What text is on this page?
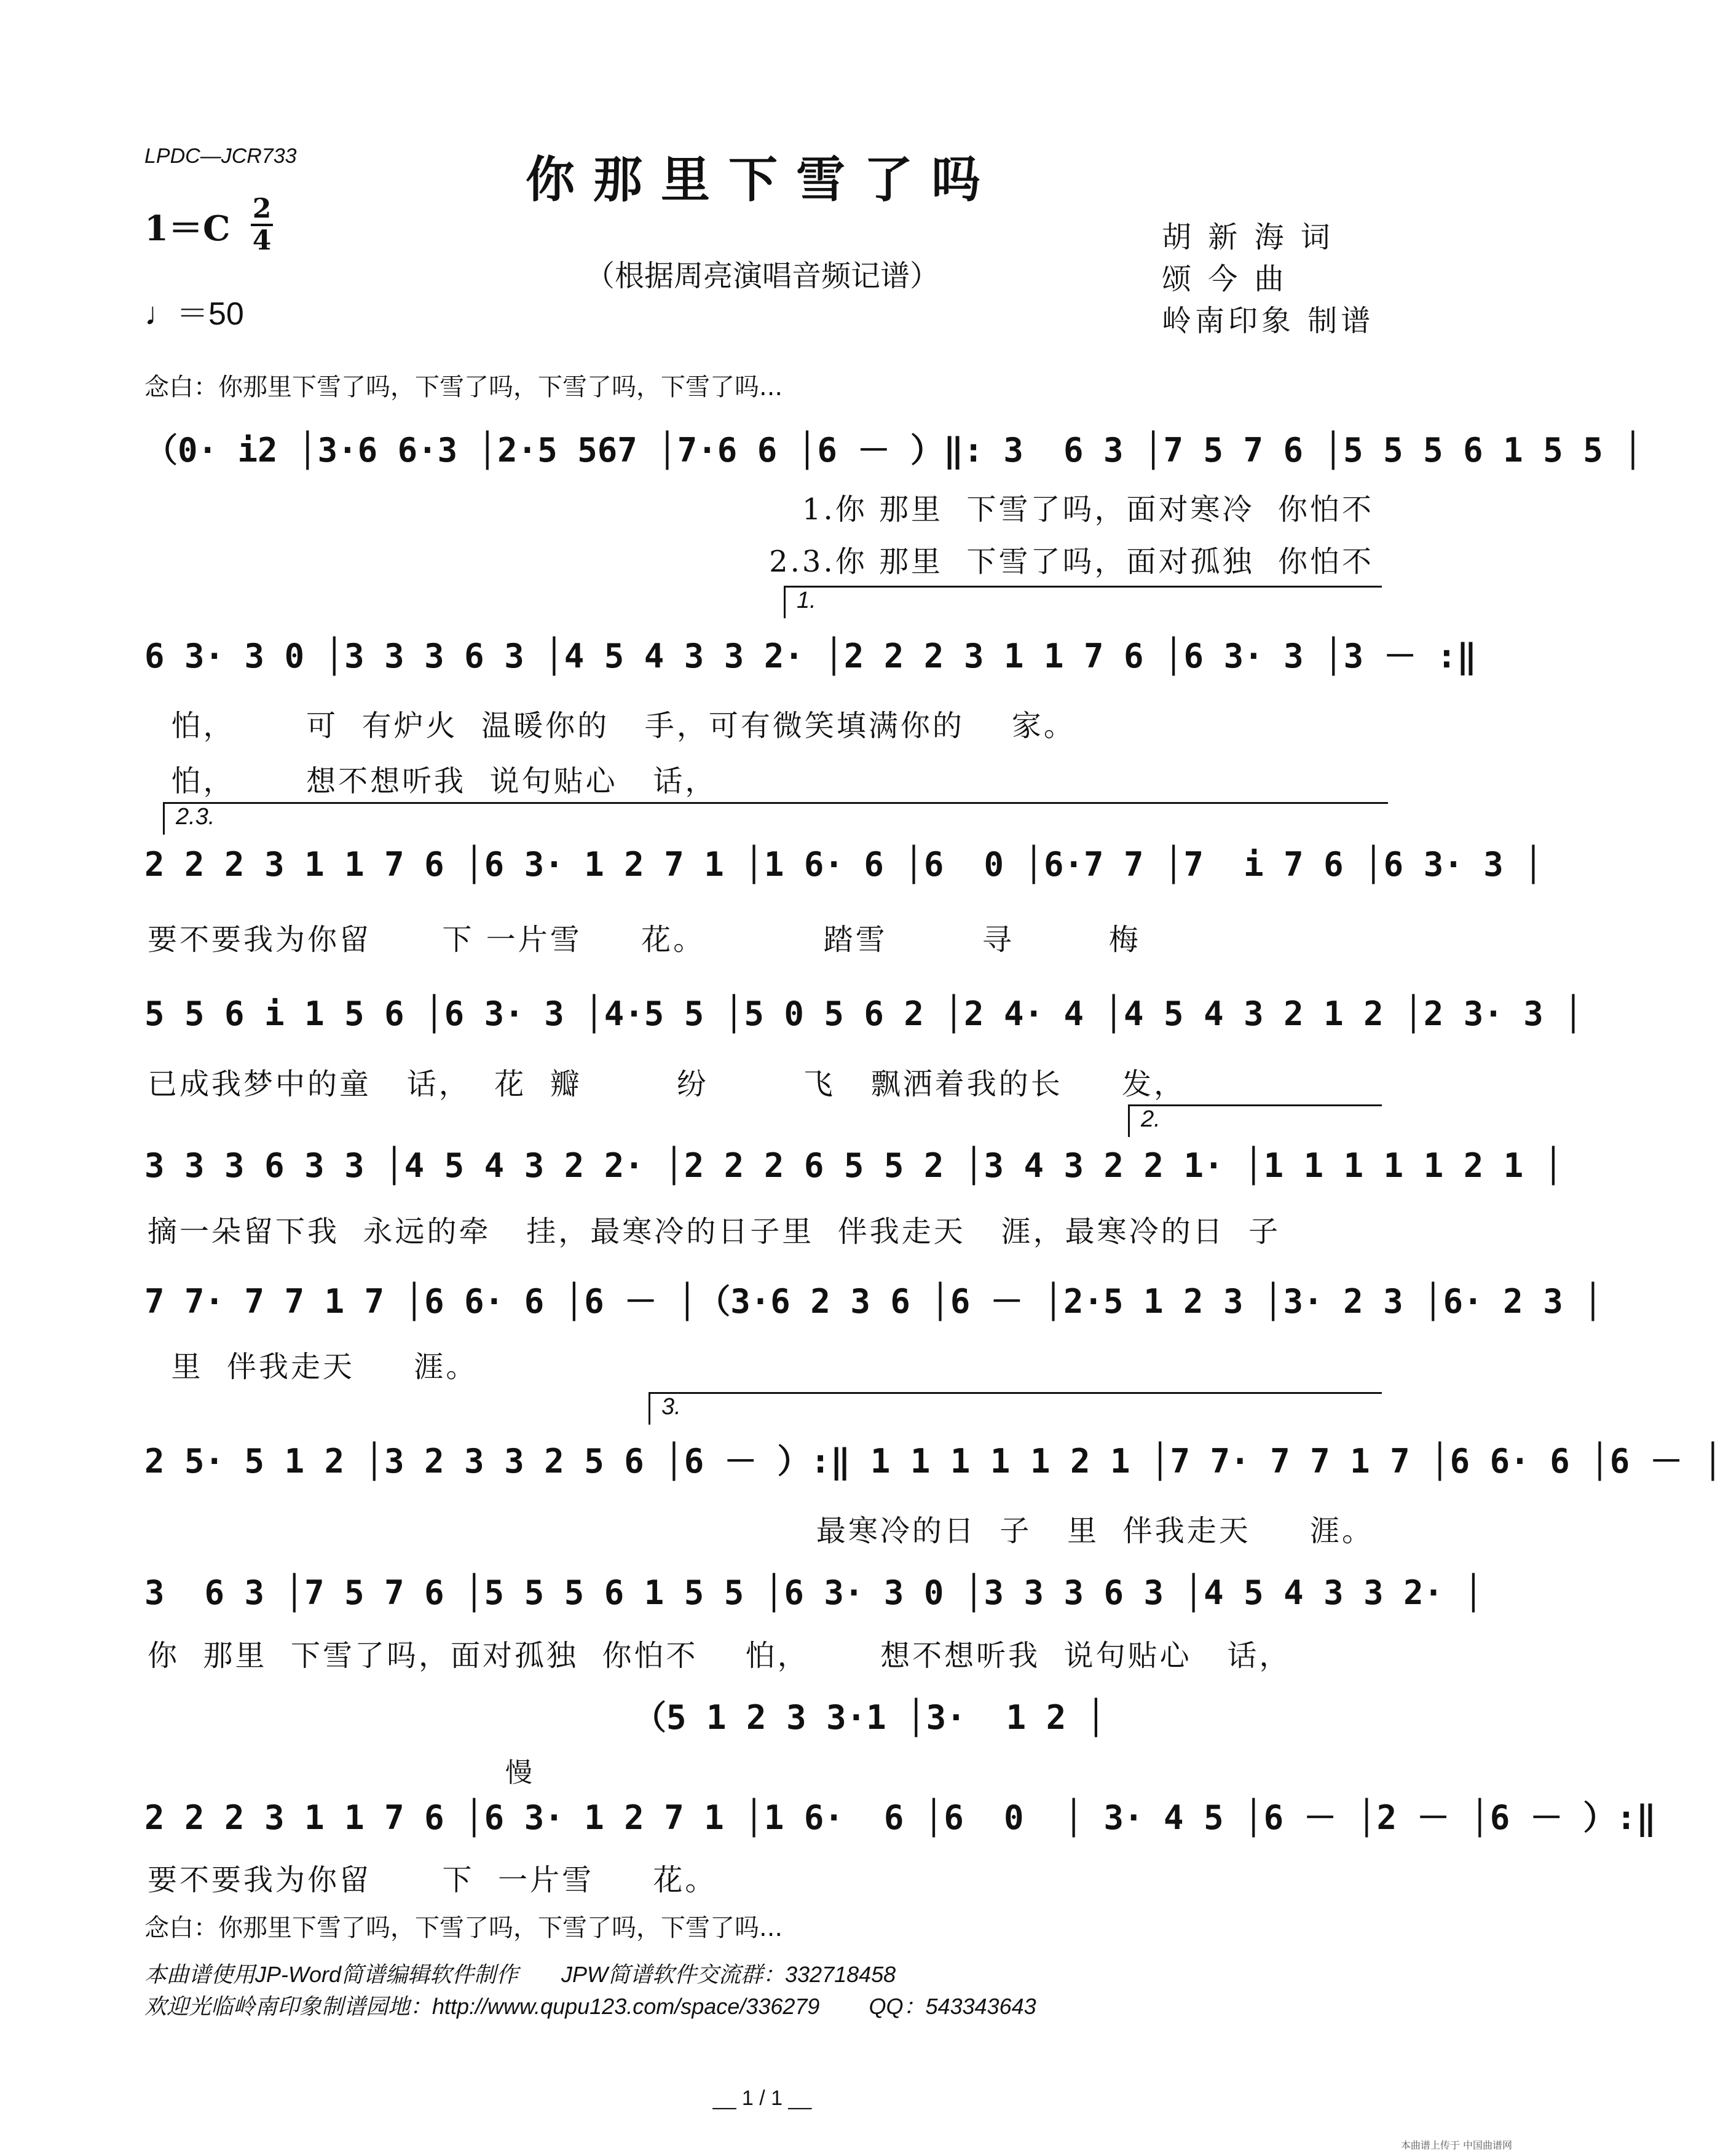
LPDC—JCR733	你那里下雪了吗
（根据周亮演唱音频记谱）
1＝C 2
4
♩＝50
胡 新 海 词
颂 今 曲
岭南印象 制谱
念白：你那里下雪了吗，下雪了吗，下雪了吗，下雪了吗...
（0· i2 │3·6 6·3 │2·5 567 │7·6 6 │6 － ）‖: 3  6 3 │7 5 7 6 │5 5 5 6 1 5 5 │
1.你 那里  下雪了吗，面对寒冷  你怕不
2.3.你 那里  下雪了吗，面对孤独  你怕不
1.
6 3· 3 0 │3 3 3 6 3 │4 5 4 3 3 2· │2 2 2 3 1 1 7 6 │6 3· 3 │3 － :‖
怕，      可  有炉火  温暖你的   手，可有微笑填满你的    家。
怕，      想不想听我  说句贴心   话，
2.3.
2 2 2 3 1 1 7 6 │6 3· 1 2 7 1 │1 6· 6 │6  0 │6·7 7 │7  i 7 6 │6 3· 3 │
要不要我为你留      下 一片雪     花。          踏雪        寻        梅
5 5 6 i 1 5 6 │6 3· 3 │4·5 5 │5 0 5 6 2 │2 4· 4 │4 5 4 3 2 1 2 │2 3· 3 │
已成我梦中的童   话，  花  瓣        纷        飞   飘洒着我的长     发，
2.
3 3 3 6 3 3 │4 5 4 3 2 2· │2 2 2 6 5 5 2 │3 4 3 2 2 1· │1 1 1 1 1 2 1 │
摘一朵留下我  永远的牵   挂，最寒冷的日子里  伴我走天   涯，最寒冷的日  子
7 7· 7 7 1 7 │6 6· 6 │6 － │（3·6 2 3 6 │6 － │2·5 1 2 3 │3· 2 3 │6· 2 3 │
里  伴我走天     涯。
3.
2 5· 5 1 2 │3 2 3 3 2 5 6 │6 － ）:‖ 1 1 1 1 1 2 1 │7 7· 7 7 1 7 │6 6· 6 │6 － │
最寒冷的日  子   里  伴我走天     涯。
3  6 3 │7 5 7 6 │5 5 5 6 1 5 5 │6 3· 3 0 │3 3 3 6 3 │4 5 4 3 3 2· │
你  那里  下雪了吗，面对孤独  你怕不    怕，      想不想听我  说句贴心   话，
（5 1 2 3 3·1 │3·  1 2 │
慢
2 2 2 3 1 1 7 6 │6 3· 1 2 7 1 │1 6·  6 │6  0  │ 3· 4 5 │6 － │2 － │6 － ）:‖
要不要我为你留      下  一片雪     花。
念白：你那里下雪了吗，下雪了吗，下雪了吗，下雪了吗...
本曲谱使用JP-Word简谱编辑软件制作       JPW简谱软件交流群：332718458
欢迎光临岭南印象制谱园地：http://www.qupu123.com/space/336279        QQ：543343643
__ 1 / 1 __
本曲谱上传于 中国曲谱网
